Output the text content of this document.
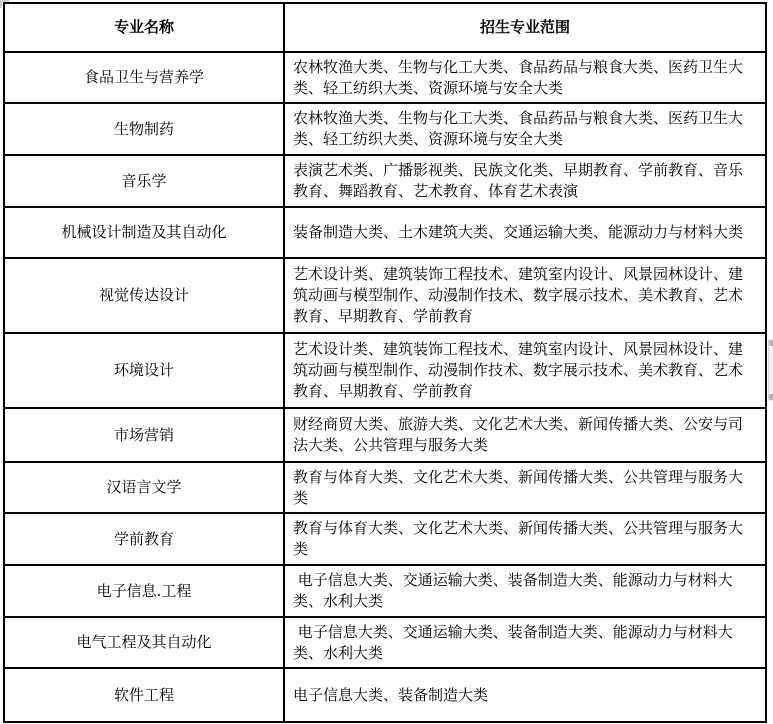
专业名称	招生专业范围
食品卫生与营养学	农林牧渔大类、生物与化工大类、食品药品与粮食大类、医药卫生大类、轻工纺织大类、资源环境与安全大类
生物制药	农林牧渔大类、生物与化工大类、食品药品与粮食大类、医药卫生大类、轻工纺织大类、资源环境与安全大类
音乐学	表演艺术类、广播影视类、民族文化类、早期教育、学前教育、音乐教育、舞蹈教育、艺术教育、体育艺术表演
机械设计制造及其自动化	装备制造大类、土木建筑大类、交通运输大类、能源动力与材料大类
视觉传达设计	艺术设计类、建筑装饰工程技术、建筑室内设计、风景园林设计、建筑动画与模型制作、动漫制作技术、数字展示技术、美术教育、艺术教育、早期教育、学前教育
环境设计	艺术设计类、建筑装饰工程技术、建筑室内设计、风景园林设计、建筑动画与模型制作、动漫制作技术、数字展示技术、美术教育、艺术教育、早期教育、学前教育
市场营销	财经商贸大类、旅游大类、文化艺术大类、新闻传播大类、公安与司法大类、公共管理与服务大类
汉语言文学	教育与体育大类、文化艺术大类、新闻传播大类、公共管理与服务大类
学前教育	教育与体育大类、文化艺术大类、新闻传播大类、公共管理与服务大类
电子信息.工程	电子信息大类、交通运输大类、装备制造大类、能源动力与材料大类、水利大类
电气工程及其自动化	电子信息大类、交通运输大类、装备制造大类、能源动力与材料大类、水利大类
软件工程	电子信息大类、装备制造大类
